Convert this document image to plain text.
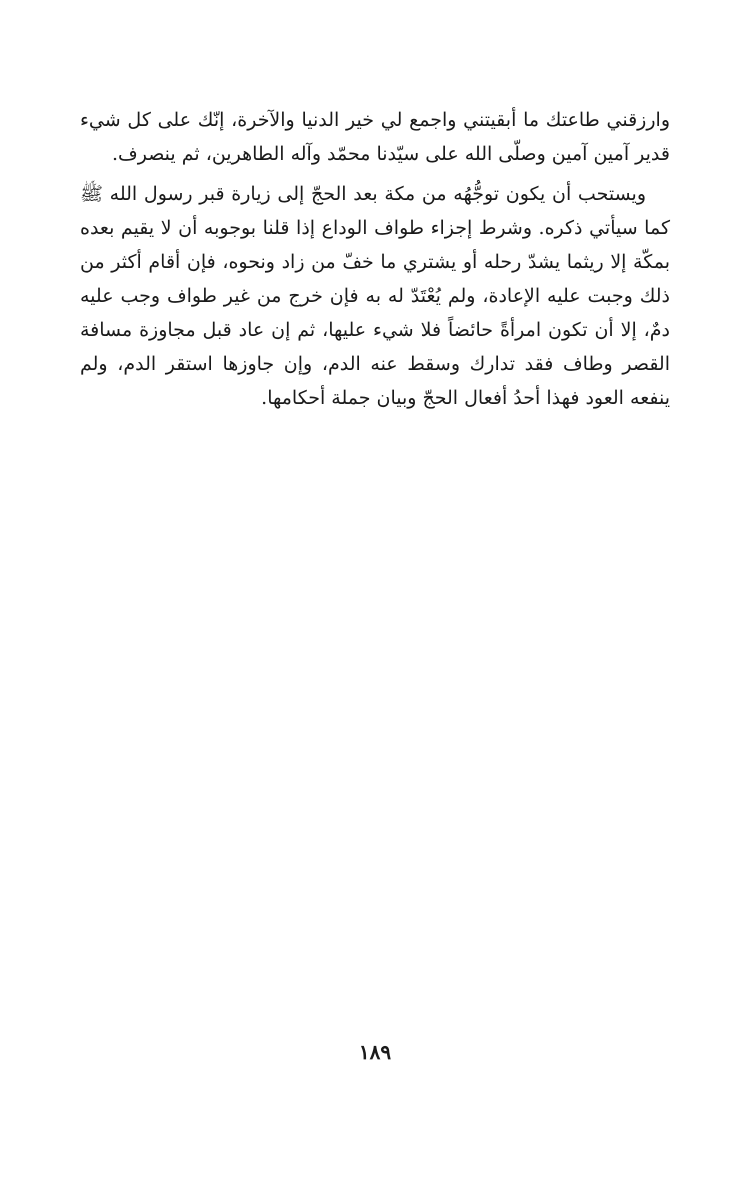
وارزقني طاعتك ما أبقيتني واجمع لي خير الدنيا والآخرة، إنّك على كل شيء قدير آمين آمين وصلّى الله على سيّدنا محمّد وآله الطاهرين، ثم ينصرف.

ويستحب أن يكون توجُّهُه من مكة بعد الحجّ إلى زيارة قبر رسول الله ﷺ كما سيأتي ذكره. وشرط إجزاء طواف الوداع إذا قلنا بوجوبه أن لا يقيم بعده بمكّة إلا ريثما يشدّ رحله أو يشتري ما خفّ من زاد ونحوه، فإن أقام أكثر من ذلك وجبت عليه الإعادة، ولم يُعْتَدّ له به فإن خرج من غير طواف وجب عليه دمٌ، إلا أن تكون امرأةً حائضاً فلا شيء عليها، ثم إن عاد قبل مجاوزة مسافة القصر وطاف فقد تدارك وسقط عنه الدم، وإن جاوزها استقر الدم، ولم ينفعه العود فهذا أحدُ أفعال الحجّ وبيان جملة أحكامها.

١٨٩
